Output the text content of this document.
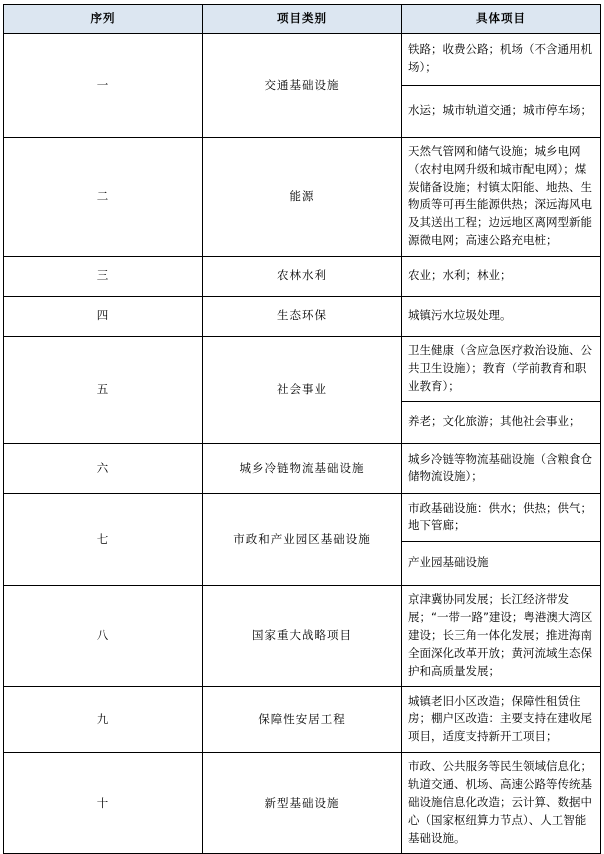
序列	项目类别	具体项目
一	交通基础设施	铁路；收费公路；机场（不含通用机场）；
		水运；城市轨道交通；城市停车场；
二	能源	天然气管网和储气设施；城乡电网（农村电网升级和城市配电网）；煤炭储备设施；村镇太阳能、地热、生物质等可再生能源供热；深远海风电及其送出工程；边远地区离网型新能源微电网；高速公路充电桩；
三	农林水利	农业；水利；林业；
四	生态环保	城镇污水垃圾处理。
五	社会事业	卫生健康（含应急医疗救治设施、公共卫生设施）；教育（学前教育和职业教育）；
		养老；文化旅游；其他社会事业；
六	城乡冷链物流基础设施	城乡冷链等物流基础设施（含粮食仓储物流设施）；
七	市政和产业园区基础设施	市政基础设施：供水；供热；供气；地下管廊；
		产业园基础设施
八	国家重大战略项目	京津冀协同发展；长江经济带发展；“一带一路”建设；粤港澳大湾区建设；长三角一体化发展；推进海南全面深化改革开放；黄河流域生态保护和高质量发展；
九	保障性安居工程	城镇老旧小区改造；保障性租赁住房；棚户区改造：主要支持在建收尾项目，适度支持新开工项目；
十	新型基础设施	市政、公共服务等民生领域信息化；轨道交通、机场、高速公路等传统基础设施信息化改造；云计算、数据中心（国家枢纽算力节点）、人工智能基础设施。
